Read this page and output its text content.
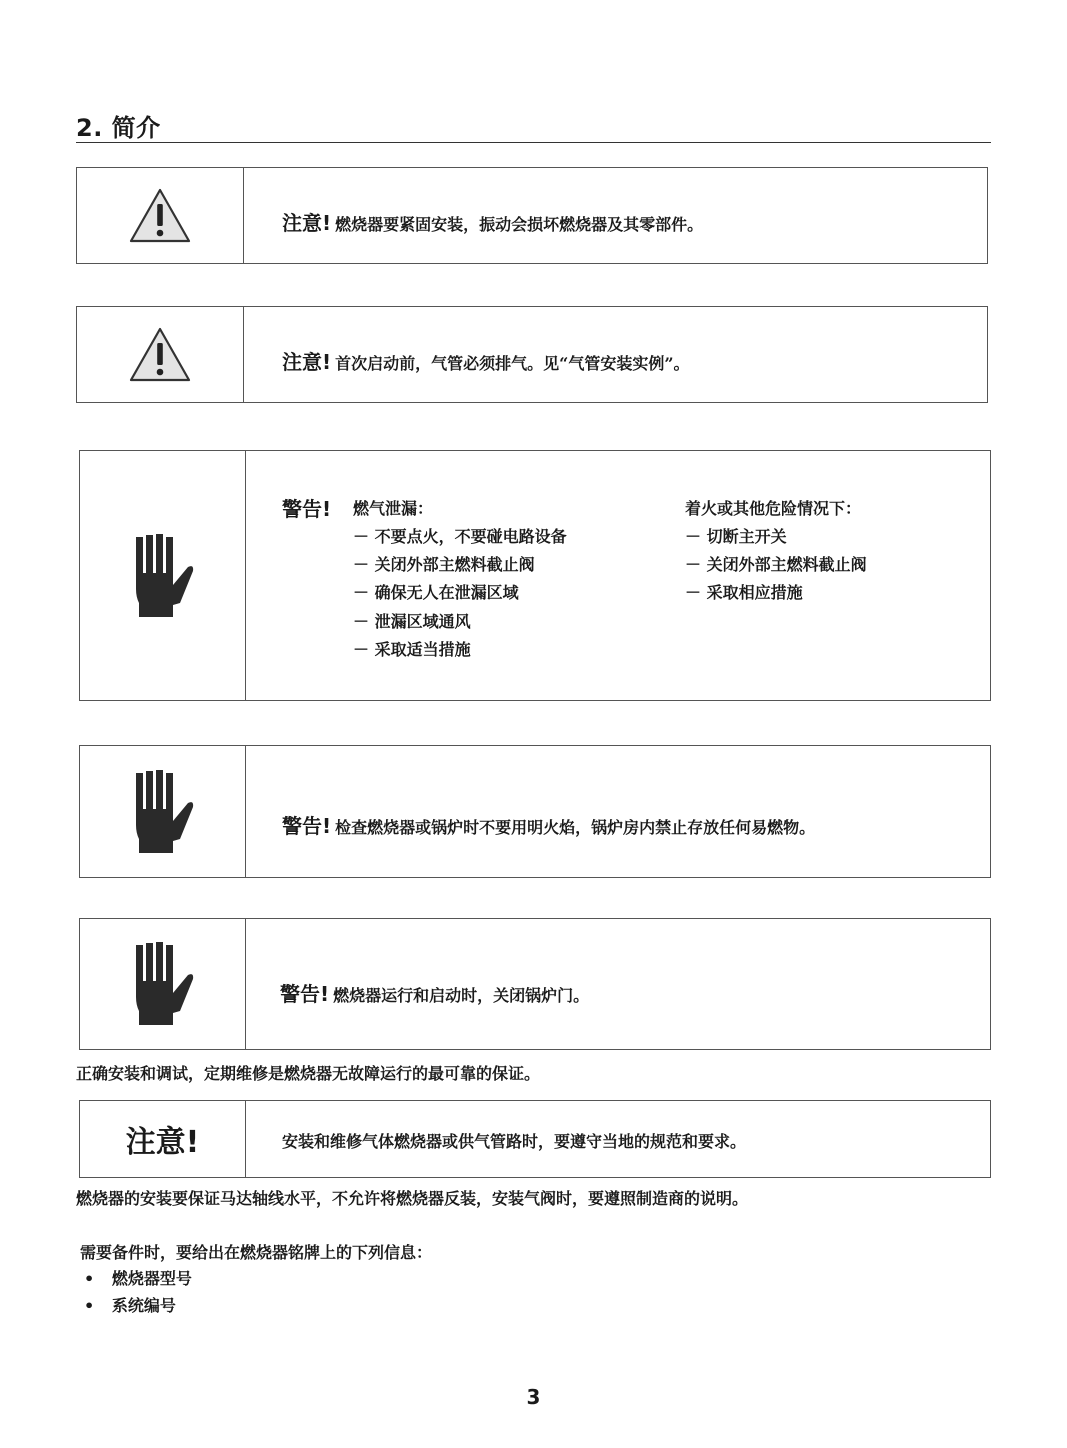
2. 简介
注意! 燃烧器要紧固安装，振动会损坏燃烧器及其零部件。
注意! 首次启动前，气管必须排气。见“气管安装实例”。
警告! 燃气泄漏：
－ 不要点火，不要碰电路设备
－ 关闭外部主燃料截止阀
－ 确保无人在泄漏区域
－ 泄漏区域通风
－ 采取适当措施
着火或其他危险情况下：
－ 切断主开关
－ 关闭外部主燃料截止阀
－ 采取相应措施
警告! 检查燃烧器或锅炉时不要用明火焰，锅炉房内禁止存放任何易燃物。
警告! 燃烧器运行和启动时，关闭锅炉门。
正确安装和调试，定期维修是燃烧器无故障运行的最可靠的保证。
注意!	安装和维修气体燃烧器或供气管路时，要遵守当地的规范和要求。
燃烧器的安装要保证马达轴线水平，不允许将燃烧器反装，安装气阀时，要遵照制造商的说明。
需要备件时，要给出在燃烧器铭牌上的下列信息：
• 燃烧器型号
• 系统编号
3
